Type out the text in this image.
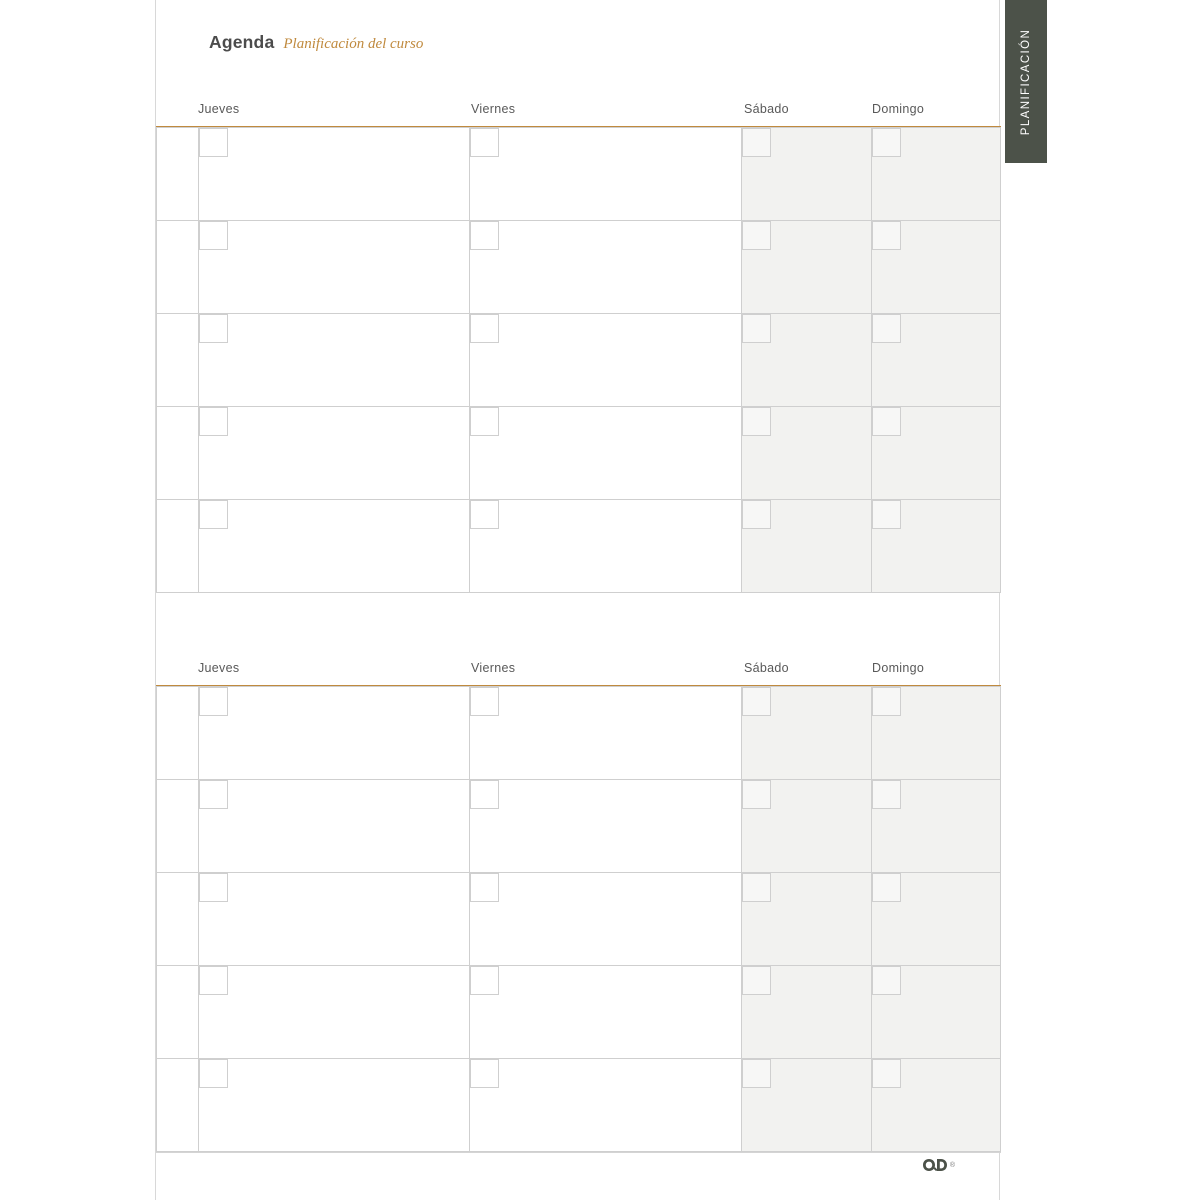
Agenda Planificación del curso
Jueves	Viernes	Sábado	Domingo
Jueves	Viernes	Sábado	Domingo
®
PLANIFICACIÓN
